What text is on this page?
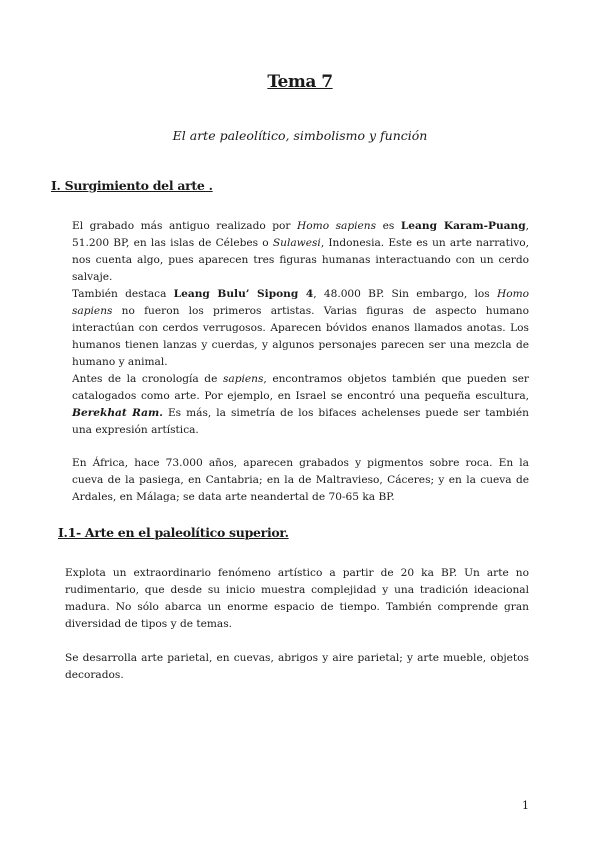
Tema 7
El arte paleolítico, simbolismo y función
I. Surgimiento del arte .

El grabado más antiguo realizado por Homo sapiens es Leang Karam-Puang, 51.200 BP, en las islas de Célebes o Sulawesi, Indonesia. Este es un arte narrativo, nos cuenta algo, pues aparecen tres figuras humanas interactuando con un cerdo salvaje.

También destaca Leang Bulu’ Sipong 4, 48.000 BP. Sin embargo, los Homo sapiens no fueron los primeros artistas. Varias figuras de aspecto humano interactúan con cerdos verrugosos. Aparecen bóvidos enanos llamados anotas. Los humanos tienen lanzas y cuerdas, y algunos personajes parecen ser una mezcla de humano y animal.

Antes de la cronología de sapiens, encontramos objetos también que pueden ser catalogados como arte. Por ejemplo, en Israel se encontró una pequeña escultura, Berekhat Ram. Es más, la simetría de los bifaces achelenses puede ser también una expresión artística.

En África, hace 73.000 años, aparecen grabados y pigmentos sobre roca. En la cueva de la pasiega, en Cantabria; en la de Maltravieso, Cáceres; y en la cueva de Ardales, en Málaga; se data arte neandertal de 70-65 ka BP.

I.1- Arte en el paleolítico superior.

Explota un extraordinario fenómeno artístico a partir de 20 ka BP. Un arte no rudimentario, que desde su inicio muestra complejidad y una tradición ideacional madura. No sólo abarca un enorme espacio de tiempo. También comprende gran diversidad de tipos y de temas.

Se desarrolla arte parietal, en cuevas, abrigos y aire parietal; y arte mueble, objetos decorados.

1
